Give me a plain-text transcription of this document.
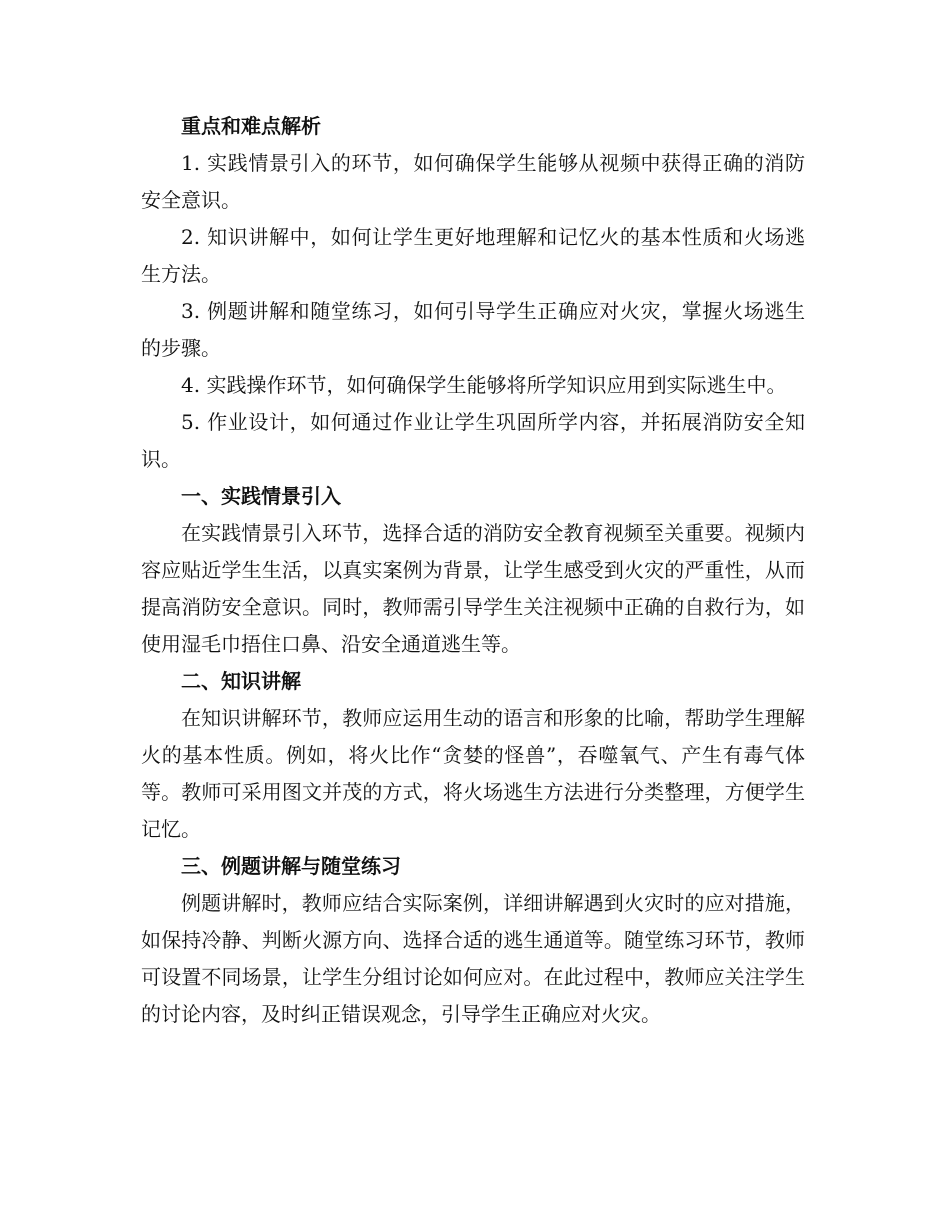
重点和难点解析

1. 实践情景引入的环节，如何确保学生能够从视频中获得正确的消防安全意识。

2. 知识讲解中，如何让学生更好地理解和记忆火的基本性质和火场逃生方法。

3. 例题讲解和随堂练习，如何引导学生正确应对火灾，掌握火场逃生的步骤。

4. 实践操作环节，如何确保学生能够将所学知识应用到实际逃生中。

5. 作业设计，如何通过作业让学生巩固所学内容，并拓展消防安全知识。

一、实践情景引入

在实践情景引入环节，选择合适的消防安全教育视频至关重要。视频内容应贴近学生生活，以真实案例为背景，让学生感受到火灾的严重性，从而提高消防安全意识。同时，教师需引导学生关注视频中正确的自救行为，如使用湿毛巾捂住口鼻、沿安全通道逃生等。

二、知识讲解

在知识讲解环节，教师应运用生动的语言和形象的比喻，帮助学生理解火的基本性质。例如，将火比作“贪婪的怪兽”，吞噬氧气、产生有毒气体等。教师可采用图文并茂的方式，将火场逃生方法进行分类整理，方便学生记忆。

三、例题讲解与随堂练习

例题讲解时，教师应结合实际案例，详细讲解遇到火灾时的应对措施，如保持冷静、判断火源方向、选择合适的逃生通道等。随堂练习环节，教师可设置不同场景，让学生分组讨论如何应对。在此过程中，教师应关注学生的讨论内容，及时纠正错误观念，引导学生正确应对火灾。
